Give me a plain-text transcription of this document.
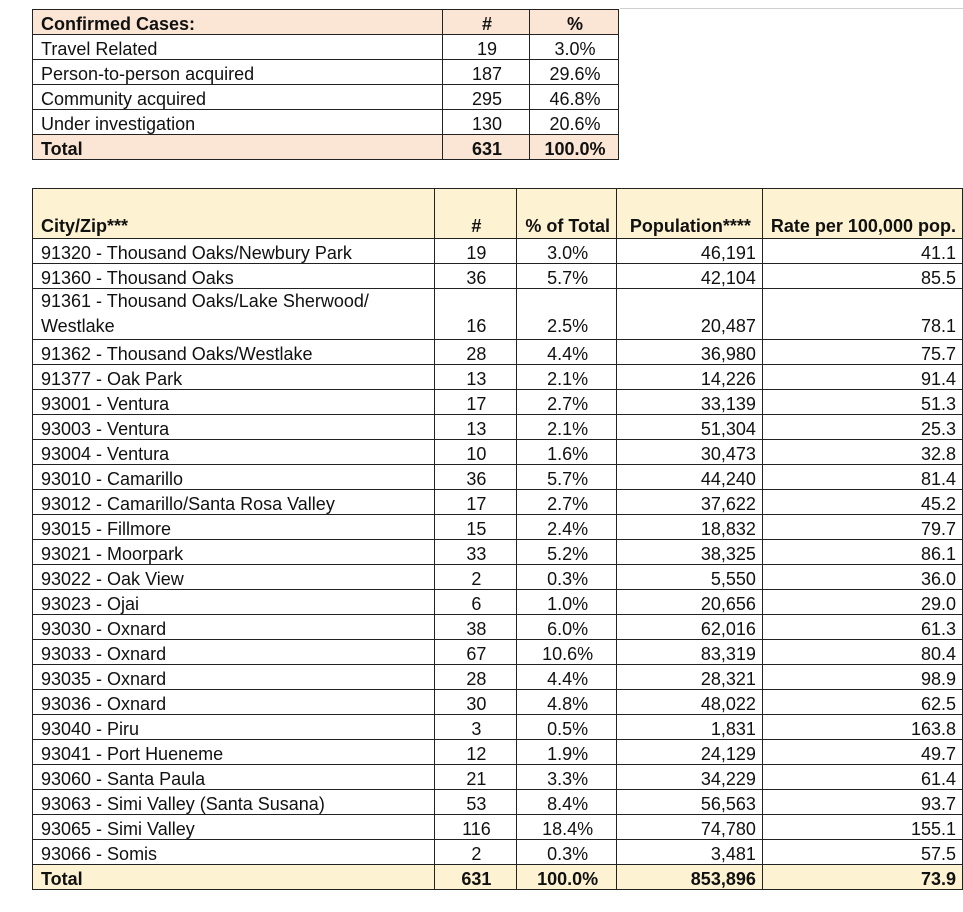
Confirmed Cases:	#	%
Travel Related	19	3.0%
Person-to-person acquired	187	29.6%
Community acquired	295	46.8%
Under investigation	130	20.6%
Total	631	100.0%
City/Zip***	#	% of Total	Population****	Rate per 100,000 pop.
91320 - Thousand Oaks/Newbury Park	19	3.0%	46,191	41.1
91360 - Thousand Oaks	36	5.7%	42,104	85.5
91361 - Thousand Oaks/Lake Sherwood/ Westlake	16	2.5%	20,487	78.1
91362 - Thousand Oaks/Westlake	28	4.4%	36,980	75.7
91377 - Oak Park	13	2.1%	14,226	91.4
93001 - Ventura	17	2.7%	33,139	51.3
93003 - Ventura	13	2.1%	51,304	25.3
93004 - Ventura	10	1.6%	30,473	32.8
93010 - Camarillo	36	5.7%	44,240	81.4
93012 - Camarillo/Santa Rosa Valley	17	2.7%	37,622	45.2
93015 - Fillmore	15	2.4%	18,832	79.7
93021 - Moorpark	33	5.2%	38,325	86.1
93022 - Oak View	2	0.3%	5,550	36.0
93023 - Ojai	6	1.0%	20,656	29.0
93030 - Oxnard	38	6.0%	62,016	61.3
93033 - Oxnard	67	10.6%	83,319	80.4
93035 - Oxnard	28	4.4%	28,321	98.9
93036 - Oxnard	30	4.8%	48,022	62.5
93040 - Piru	3	0.5%	1,831	163.8
93041 - Port Hueneme	12	1.9%	24,129	49.7
93060 - Santa Paula	21	3.3%	34,229	61.4
93063 - Simi Valley (Santa Susana)	53	8.4%	56,563	93.7
93065 - Simi Valley	116	18.4%	74,780	155.1
93066 - Somis	2	0.3%	3,481	57.5
Total	631	100.0%	853,896	73.9
